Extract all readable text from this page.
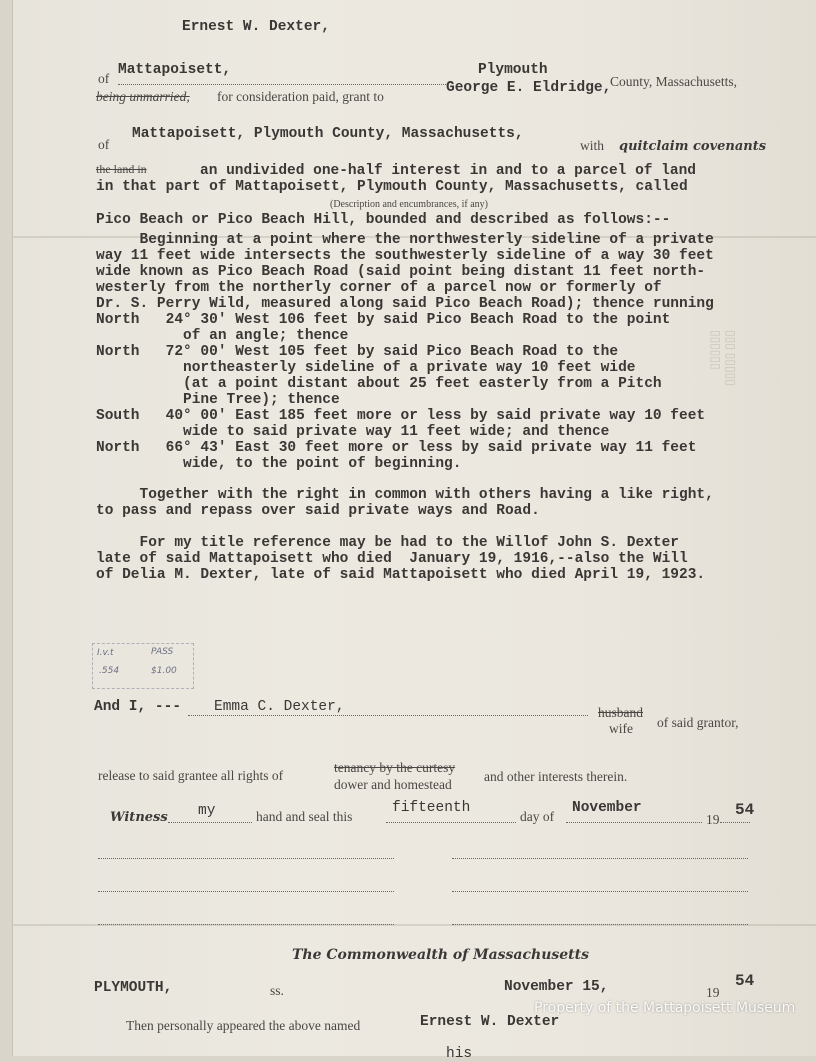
▯▯▯ ▯▯▯▯▯ ▯▯▯▯▯▯
Ernest W. Dexter,
of
Mattapoisett,	Plymouth
County, Massachusetts,
being unmarried, for consideration paid, grant to
George E. Eldridge,
of
Mattapoisett, Plymouth County, Massachusetts,
with quitclaim covenants
the land in	an undivided one-half interest in and to a parcel of land
in that part of Mattapoisett, Plymouth County, Massachusetts, called
(Description and encumbrances, if any)
Pico Beach or Pico Beach Hill, bounded and described as follows:--
Beginning at a point where the northwesterly sideline of a private
way 11 feet wide intersects the southwesterly sideline of a way 30 feet
wide known as Pico Beach Road (said point being distant 11 feet north-
westerly from the northerly corner of a parcel now or formerly of
Dr. S. Perry Wild, measured along said Pico Beach Road); thence running
North   24° 30' West 106 feet by said Pico Beach Road to the point
of an angle; thence
North   72° 00' West 105 feet by said Pico Beach Road to the
northeasterly sideline of a private way 10 feet wide
(at a point distant about 25 feet easterly from a Pitch
Pine Tree); thence
South   40° 00' East 185 feet more or less by said private way 10 feet
wide to said private way 11 feet wide; and thence
North   66° 43' East 30 feet more or less by said private way 11 feet
wide, to the point of beginning.
Together with the right in common with others having a like right,
to pass and repass over said private ways and Road.
For my title reference may be had to the Willof John S. Dexter
late of said Mattapoisett who died  January 19, 1916,--also the Will
of Delia M. Dexter, late of said Mattapoisett who died April 19, 1923.
I.v.t
.554
PASS
$1.00
And I, --- Emma C. Dexter,	husband
wife of said grantor,
release to said grantee all rights of
tenancy by the curtesy
dower and homestead
and other interests therein.
Witness my	hand and seal this
fifteenth
day of
November
19
54
The Commonwealth of Massachusetts
PLYMOUTH,	ss.	November 15,	19
54
Then personally appeared the above named	Ernest W. Dexter
his
Property of the Mattapoisett Museum
